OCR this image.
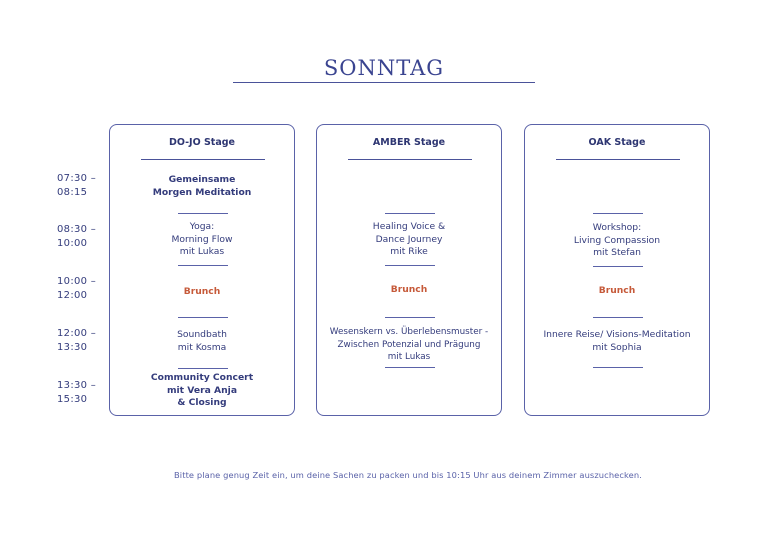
SONNTAG
07:30 –
08:15
08:30 –
10:00
10:00 –
12:00
12:00 –
13:30
13:30 –
15:30
DO-JO Stage
Gemeinsame
Morgen Meditation
Yoga:
Morning Flow
mit Lukas
Brunch
Soundbath
mit Kosma
Community Concert
mit Vera Anja
& Closing
AMBER Stage
Healing Voice &
Dance Journey
mit Rike
Brunch
Wesenskern vs. Überlebensmuster -
Zwischen Potenzial und Prägung
mit Lukas
OAK Stage
Workshop:
Living Compassion
mit Stefan
Brunch
Innere Reise/ Visions-Meditation
mit Sophia
Bitte plane genug Zeit ein, um deine Sachen zu packen und bis 10:15 Uhr aus deinem Zimmer auszuchecken.
